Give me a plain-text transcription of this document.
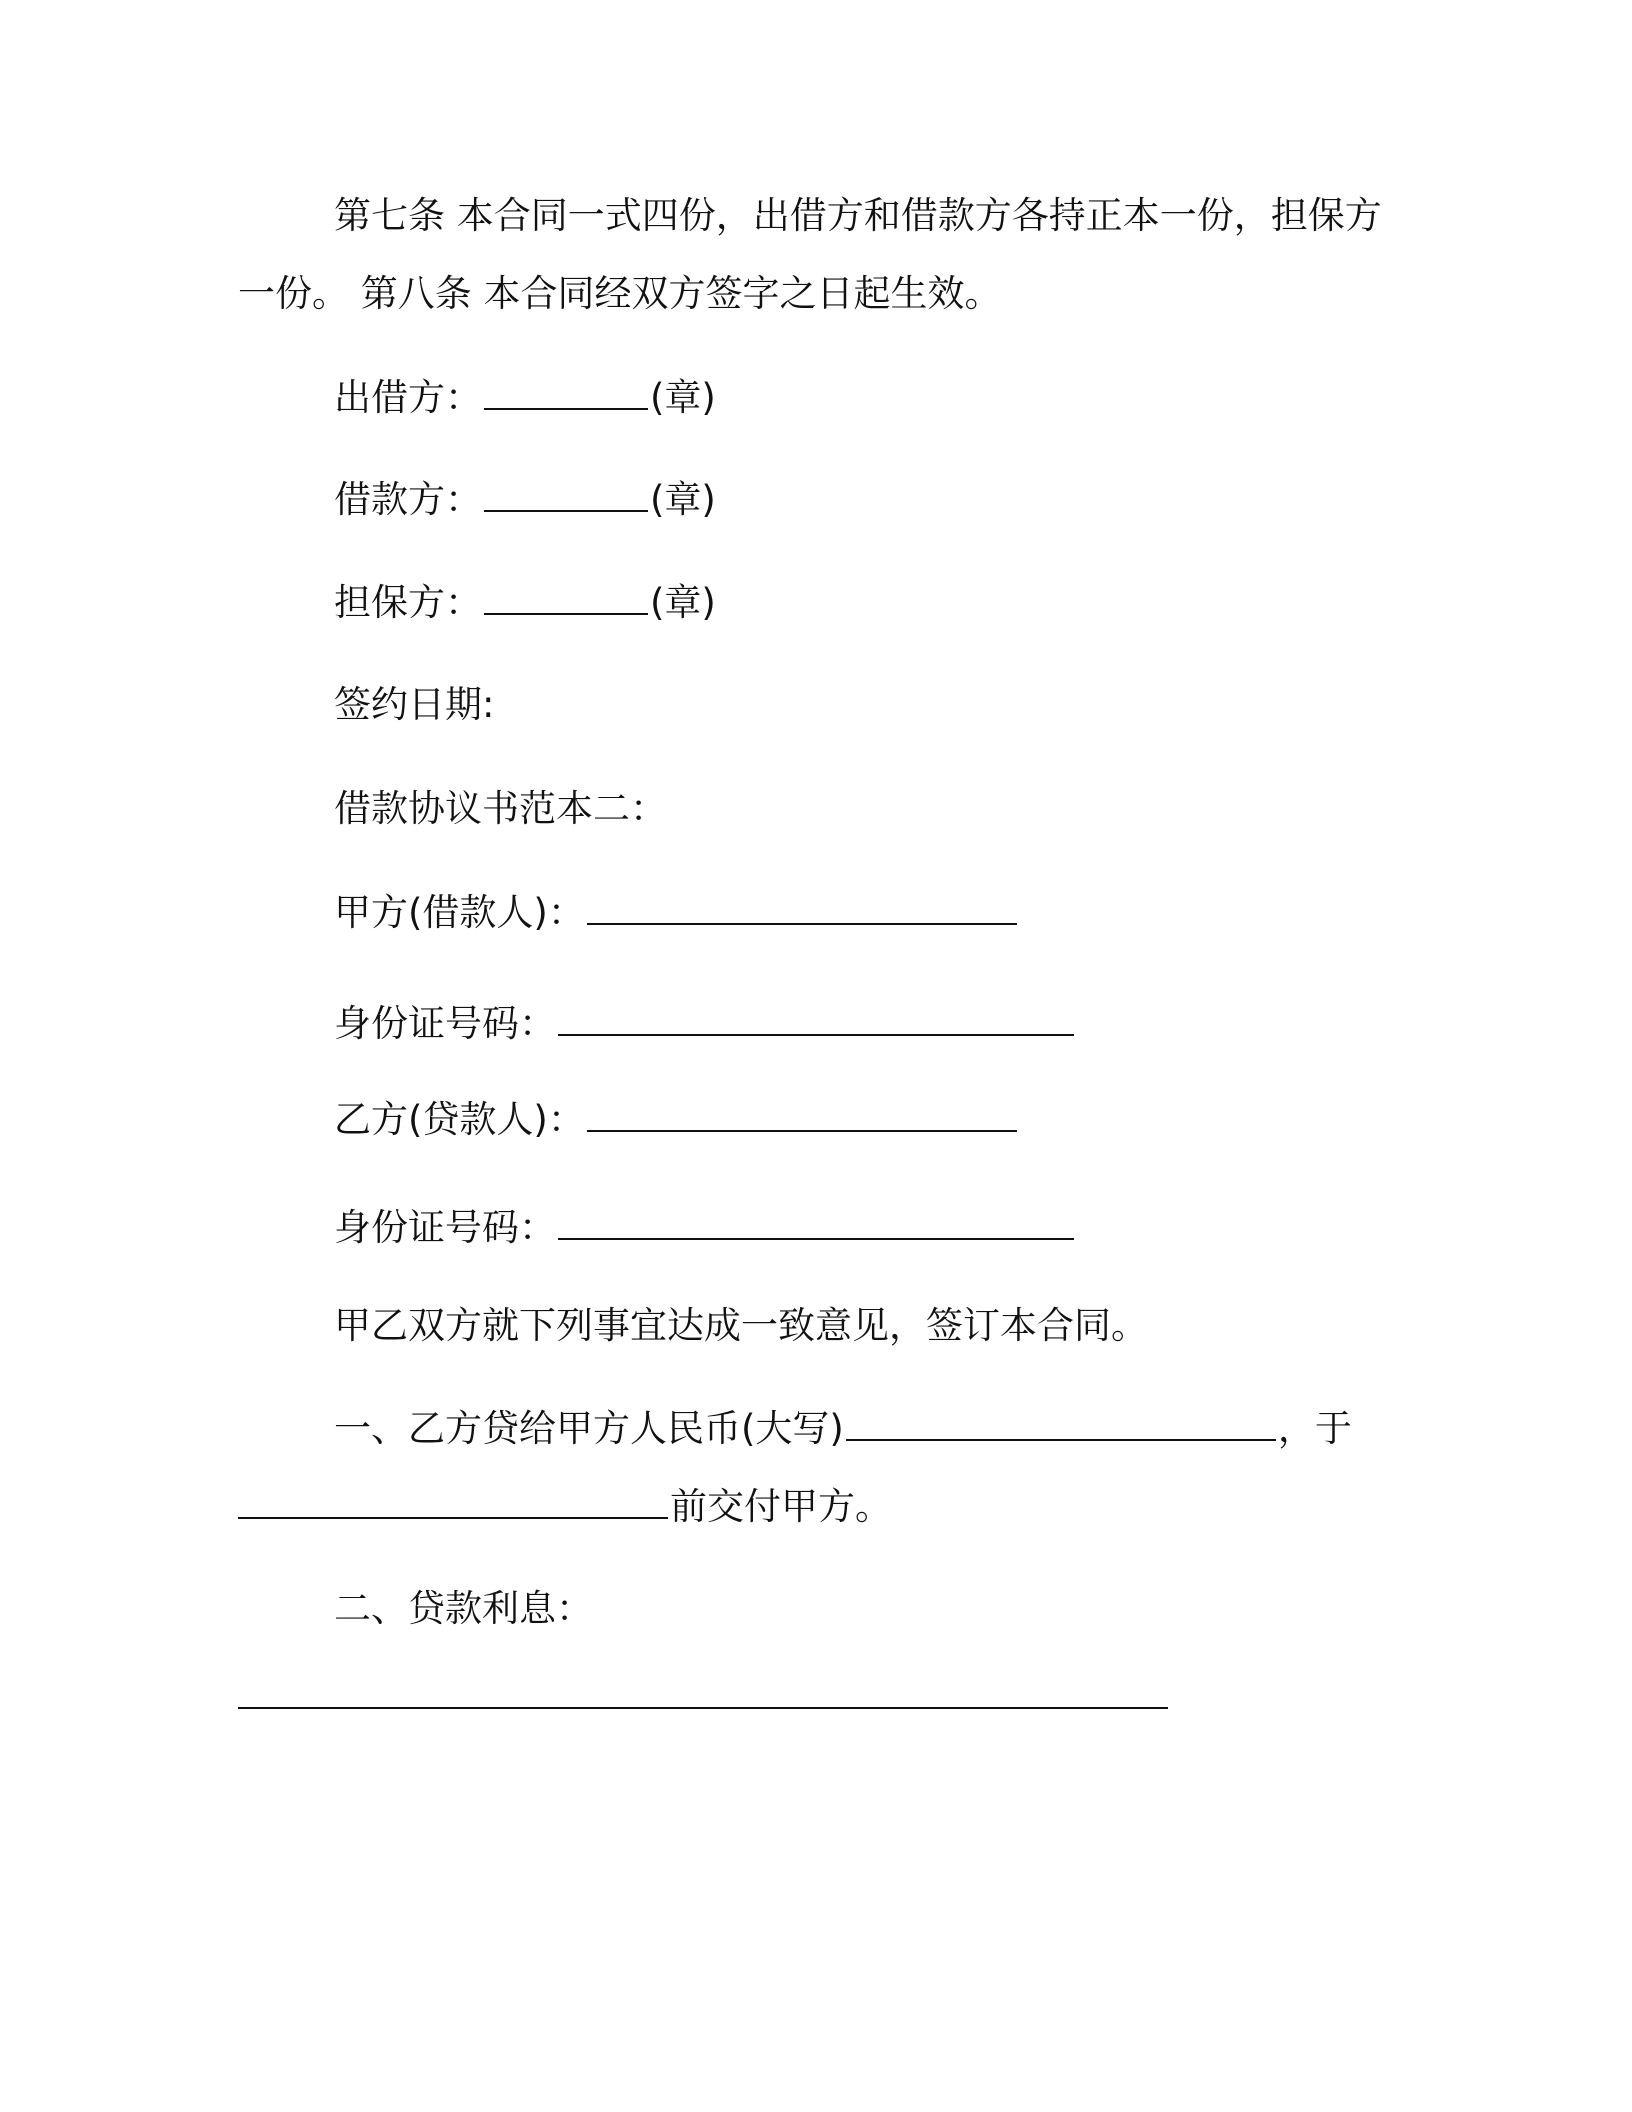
第七条 本合同一式四份，出借方和借款方各持正本一份，担保方
一份。 第八条 本合同经双方签字之日起生效。
出借方：	(章)
借款方：	(章)
担保方：	(章)
签约日期:
借款协议书范本二：
甲方(借款人)：
身份证号码：
乙方(贷款人)：
身份证号码：
甲乙双方就下列事宜达成一致意见，签订本合同。
一、乙方贷给甲方人民币(大写)	，于
前交付甲方。
二、贷款利息：
